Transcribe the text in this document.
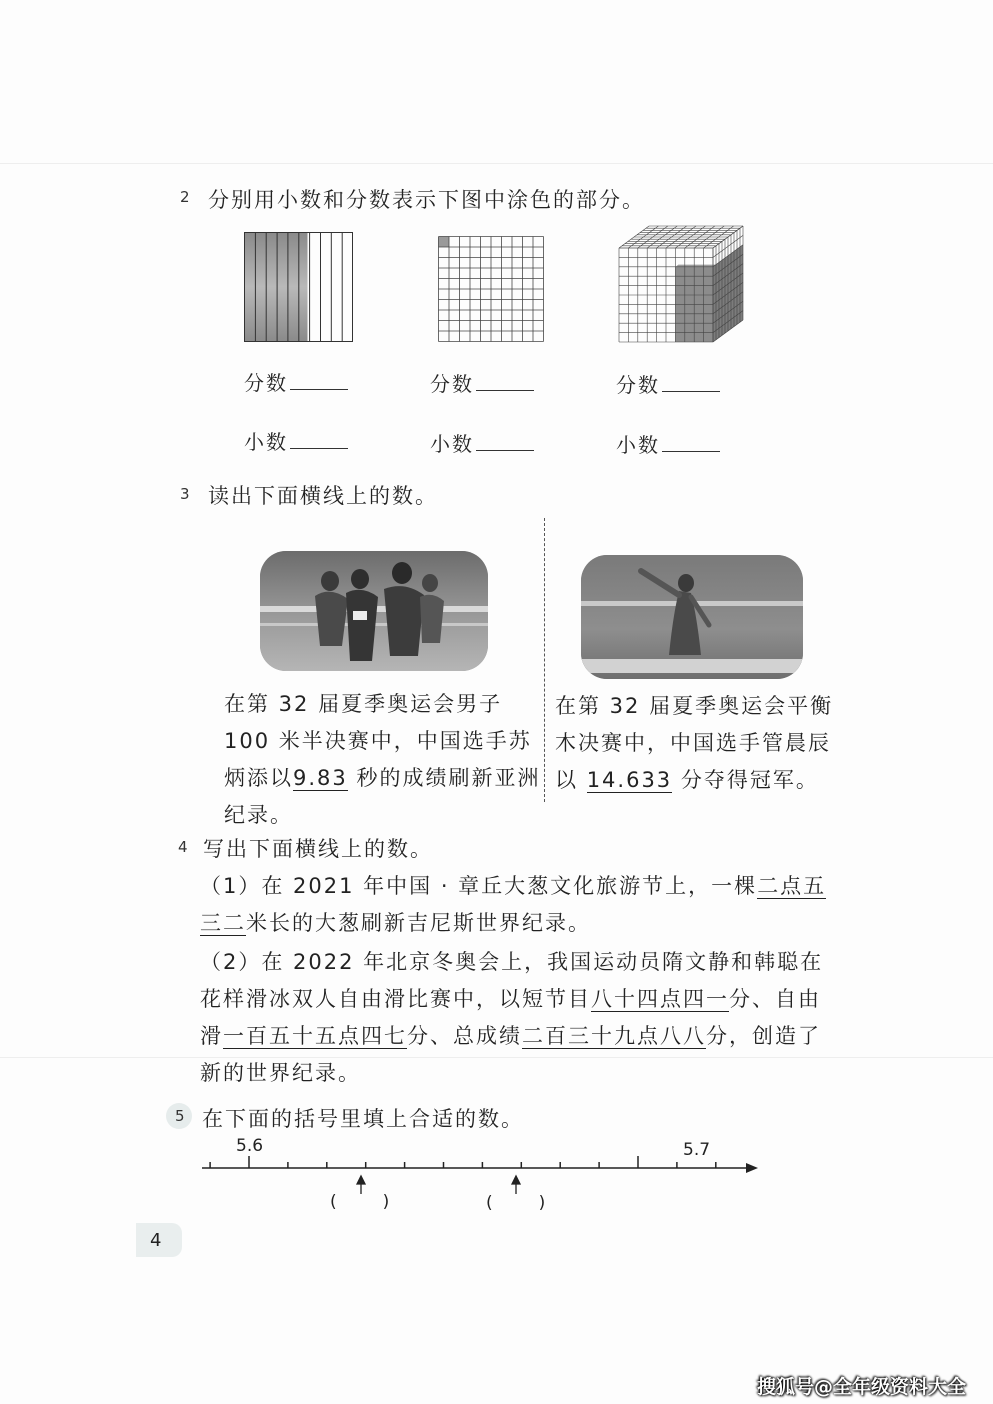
2 分别用小数和分数表示下图中涂色的部分。
分数	分数	分数
小数	小数	小数
3 读出下面横线上的数。
在第 32 届夏季奥运会男子 100 米半决赛中，中国选手苏炳添以9.83 秒的成绩刷新亚洲纪录。
在第 32 届夏季奥运会平衡木决赛中，中国选手管晨辰以 14.633 分夺得冠军。
4 写出下面横线上的数。
（1）在 2021 年中国 · 章丘大葱文化旅游节上，一棵二点五三二米长的大葱刷新吉尼斯世界纪录。
（2）在 2022 年北京冬奥会上，我国运动员隋文静和韩聪在花样滑冰双人自由滑比赛中，以短节目八十四点四一分、自由滑一百五十五点四七分、总成绩二百三十九点八八分，创造了新的世界纪录。
5 在下面的括号里填上合适的数。
5.6	5.7
(	)	(	)
4
搜狐号@全年级资料大全
